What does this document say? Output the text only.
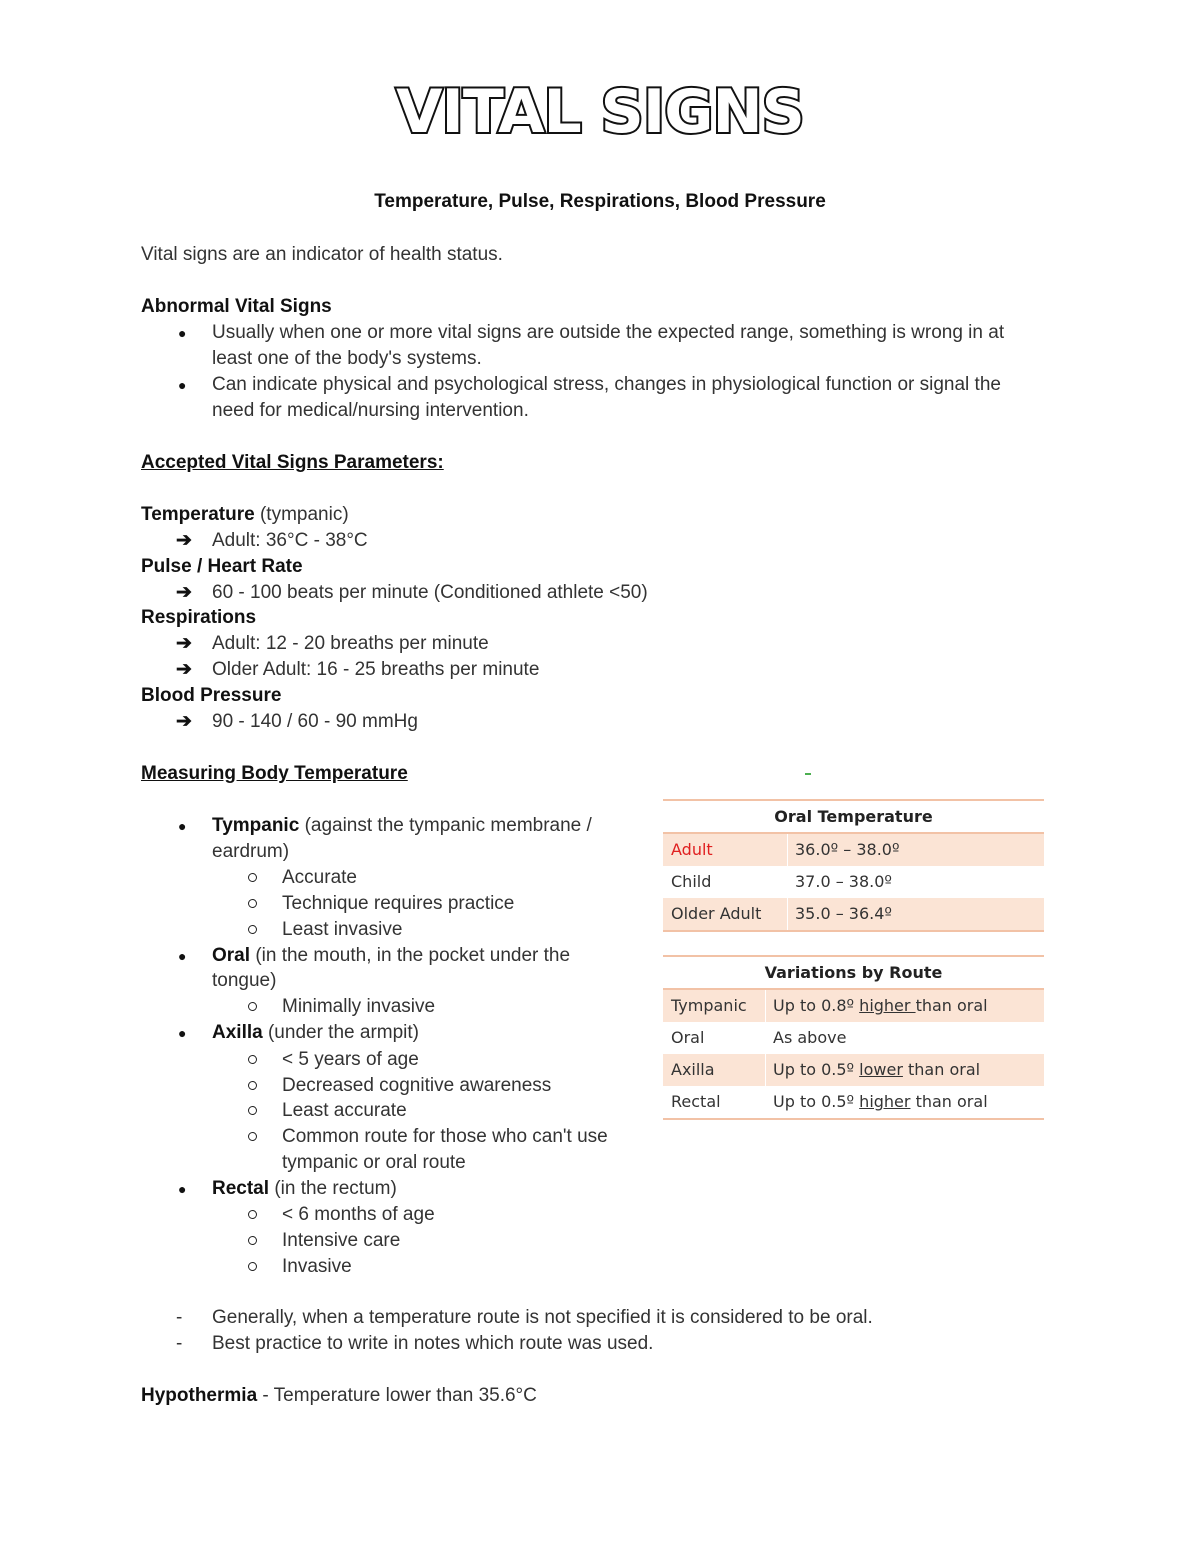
VITAL SIGNS
Temperature, Pulse, Respirations, Blood Pressure
Vital signs are an indicator of health status.
Abnormal Vital Signs
● Usually when one or more vital signs are outside the expected range, something is wrong in at
least one of the body's systems.
● Can indicate physical and psychological stress, changes in physiological function or signal the
need for medical/nursing intervention.
Accepted Vital Signs Parameters:
Temperature (tympanic)
➔ Adult: 36°C - 38°C
Pulse / Heart Rate
➔ 60 - 100 beats per minute (Conditioned athlete <50)
Respirations
➔ Adult: 12 - 20 breaths per minute
➔ Older Adult: 16 - 25 breaths per minute
Blood Pressure
➔ 90 - 140 / 60 - 90 mmHg
Measuring Body Temperature
● Tympanic (against the tympanic membrane /
eardrum)
Accurate
Technique requires practice
Least invasive
● Oral (in the mouth, in the pocket under the
tongue)
Minimally invasive
● Axilla (under the armpit)
< 5 years of age
Decreased cognitive awareness
Least accurate
Common route for those who can't use
tympanic or oral route
● Rectal (in the rectum)
< 6 months of age
Intensive care
Invasive
- Generally, when a temperature route is not specified it is considered to be oral.
- Best practice to write in notes which route was used.
Hypothermia - Temperature lower than 35.6°C
Oral Temperature
Adult	36.0º – 38.0º
Child	37.0 – 38.0º
Older Adult 35.0 – 36.4º
Variations by Route
Tympanic Up to 0.8º higher than oral
Oral	As above
Axilla	Up to 0.5º lower than oral
Rectal	Up to 0.5º higher than oral
